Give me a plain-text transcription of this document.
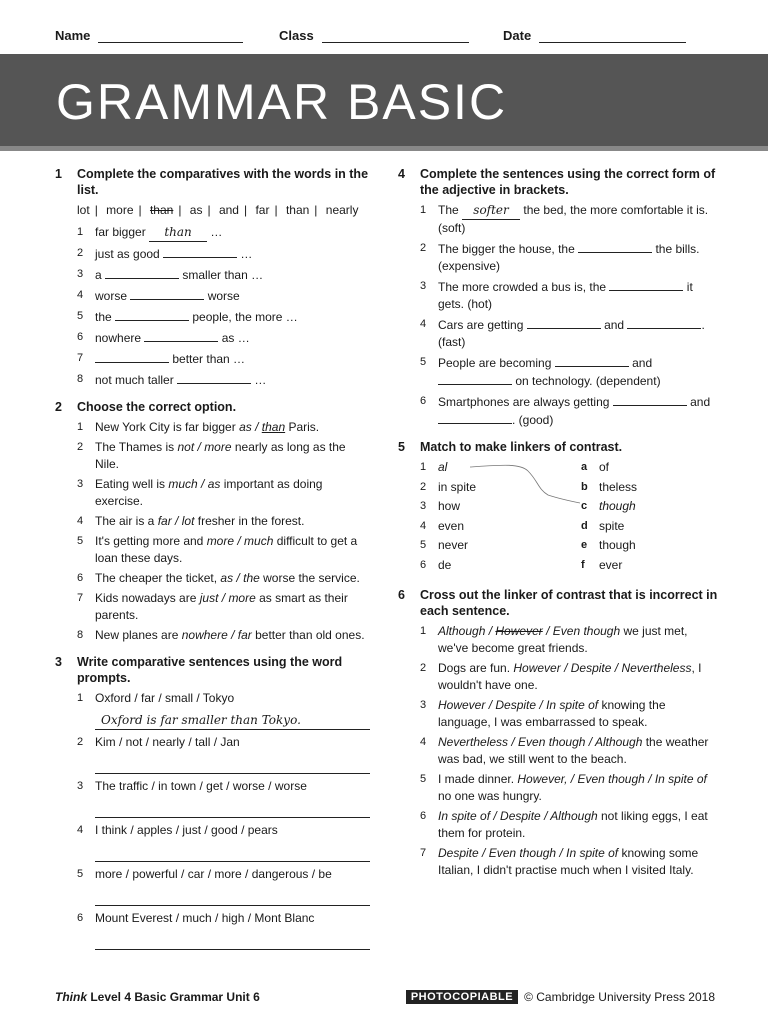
Name	Class	Date
GRAMMAR BASIC
1	Complete the comparatives with the words in the list.
lot | more | than | as | and | far | than | nearly
1 far bigger than …
2 just as good	…
3 a	smaller than …
4 worse	worse
5 the	people, the more …
6 nowhere	as …
7	better than …
8 not much taller	…
2	Choose the correct option.
1 New York City is far bigger as / than Paris.
2 The Thames is not / more nearly as long as the Nile.
3 Eating well is much / as important as doing exercise.
4 The air is a far / lot fresher in the forest.
5 It's getting more and more / much difficult to get a loan these days.
6 The cheaper the ticket, as / the worse the service.
7 Kids nowadays are just / more as smart as their parents.
8 New planes are nowhere / far better than old ones.
3	Write comparative sentences using the word prompts.
1 Oxford / far / small / Tokyo
Oxford is far smaller than Tokyo.
2 Kim / not / nearly / tall / Jan
3 The traffic / in town / get / worse / worse
4 I think / apples / just / good / pears
5 more / powerful / car / more / dangerous / be
6 Mount Everest / much / high / Mont Blanc
4	Complete the sentences using the correct form of the adjective in brackets.
1 The softer the bed, the more comfortable it is. (soft)
2 The bigger the house, the	the bills. (expensive)
3 The more crowded a bus is, the	it gets. (hot)
4 Cars are getting	and	. (fast)
5 People are becoming	and  on technology. (dependent)
6 Smartphones are always getting	and . (good)
5	Match to make linkers of contrast.
1 al	a of
2 in spite	b theless
3 how	c though
4 even	d spite
5 never	e though
6 de	f ever
6	Cross out the linker of contrast that is incorrect in each sentence.
1 Although / However / Even though we just met, we've become great friends.
2 Dogs are fun. However / Despite / Nevertheless, I wouldn't have one.
3 However / Despite / In spite of knowing the language, I was embarrassed to speak.
4 Nevertheless / Even though / Although the weather was bad, we still went to the beach.
5 I made dinner. However, / Even though / In spite of no one was hungry.
6 In spite of / Despite / Although not liking eggs, I eat them for protein.
7 Despite / Even though / In spite of knowing some Italian, I didn't practise much when I visited Italy.
Think Level 4 Basic Grammar Unit 6	PHOTOCOPIABLE © Cambridge University Press 2018
